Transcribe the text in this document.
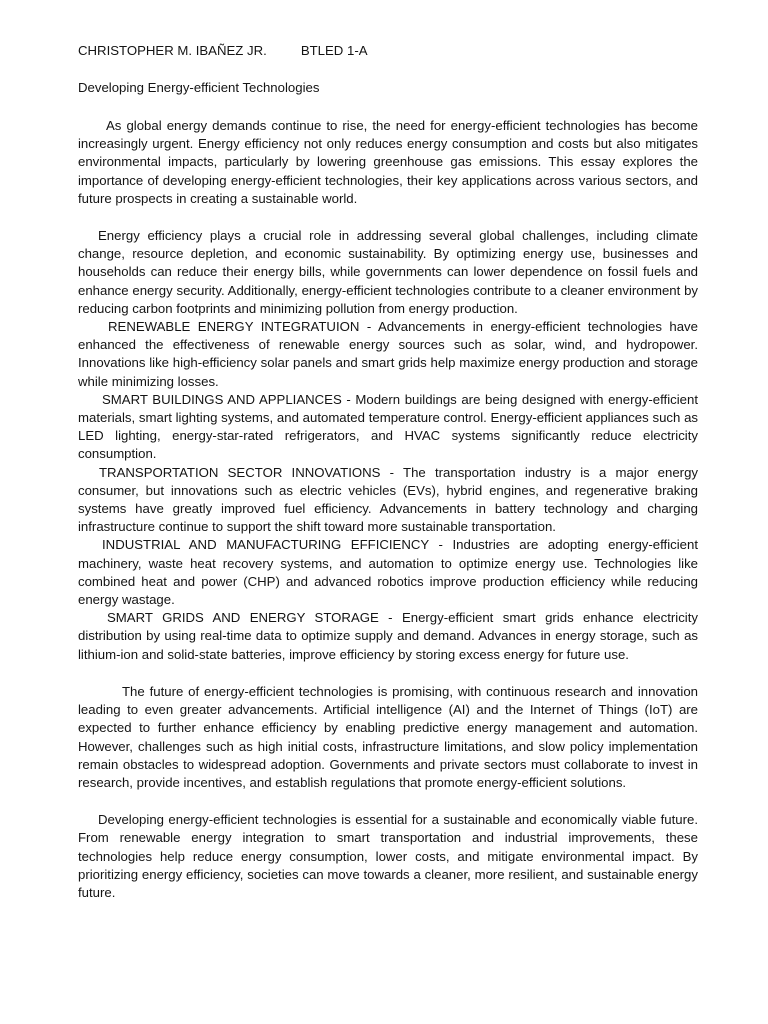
CHRISTOPHER M. IBAÑEZ JR.	BTLED 1-A
Developing Energy-efficient Technologies

As global energy demands continue to rise, the need for energy-efficient technologies has become increasingly urgent. Energy efficiency not only reduces energy consumption and costs but also mitigates environmental impacts, particularly by lowering greenhouse gas emissions. This essay explores the importance of developing energy-efficient technologies, their key applications across various sectors, and future prospects in creating a sustainable world.

Energy efficiency plays a crucial role in addressing several global challenges, including climate change, resource depletion, and economic sustainability. By optimizing energy use, businesses and households can reduce their energy bills, while governments can lower dependence on fossil fuels and enhance energy security. Additionally, energy-efficient technologies contribute to a cleaner environment by reducing carbon footprints and minimizing pollution from energy production.

RENEWABLE ENERGY INTEGRATUION - Advancements in energy-efficient technologies have enhanced the effectiveness of renewable energy sources such as solar, wind, and hydropower. Innovations like high-efficiency solar panels and smart grids help maximize energy production and storage while minimizing losses.

SMART BUILDINGS AND APPLIANCES - Modern buildings are being designed with energy-efficient materials, smart lighting systems, and automated temperature control. Energy-efficient appliances such as LED lighting, energy-star-rated refrigerators, and HVAC systems significantly reduce electricity consumption.

TRANSPORTATION SECTOR INNOVATIONS - The transportation industry is a major energy consumer, but innovations such as electric vehicles (EVs), hybrid engines, and regenerative braking systems have greatly improved fuel efficiency. Advancements in battery technology and charging infrastructure continue to support the shift toward more sustainable transportation.

INDUSTRIAL AND MANUFACTURING EFFICIENCY - Industries are adopting energy-efficient machinery, waste heat recovery systems, and automation to optimize energy use. Technologies like combined heat and power (CHP) and advanced robotics improve production efficiency while reducing energy wastage.

SMART GRIDS AND ENERGY STORAGE - Energy-efficient smart grids enhance electricity distribution by using real-time data to optimize supply and demand. Advances in energy storage, such as lithium-ion and solid-state batteries, improve efficiency by storing excess energy for future use.

The future of energy-efficient technologies is promising, with continuous research and innovation leading to even greater advancements. Artificial intelligence (AI) and the Internet of Things (IoT) are expected to further enhance efficiency by enabling predictive energy management and automation. However, challenges such as high initial costs, infrastructure limitations, and slow policy implementation remain obstacles to widespread adoption. Governments and private sectors must collaborate to invest in research, provide incentives, and establish regulations that promote energy-efficient solutions.

Developing energy-efficient technologies is essential for a sustainable and economically viable future. From renewable energy integration to smart transportation and industrial improvements, these technologies help reduce energy consumption, lower costs, and mitigate environmental impact. By prioritizing energy efficiency, societies can move towards a cleaner, more resilient, and sustainable energy future.
